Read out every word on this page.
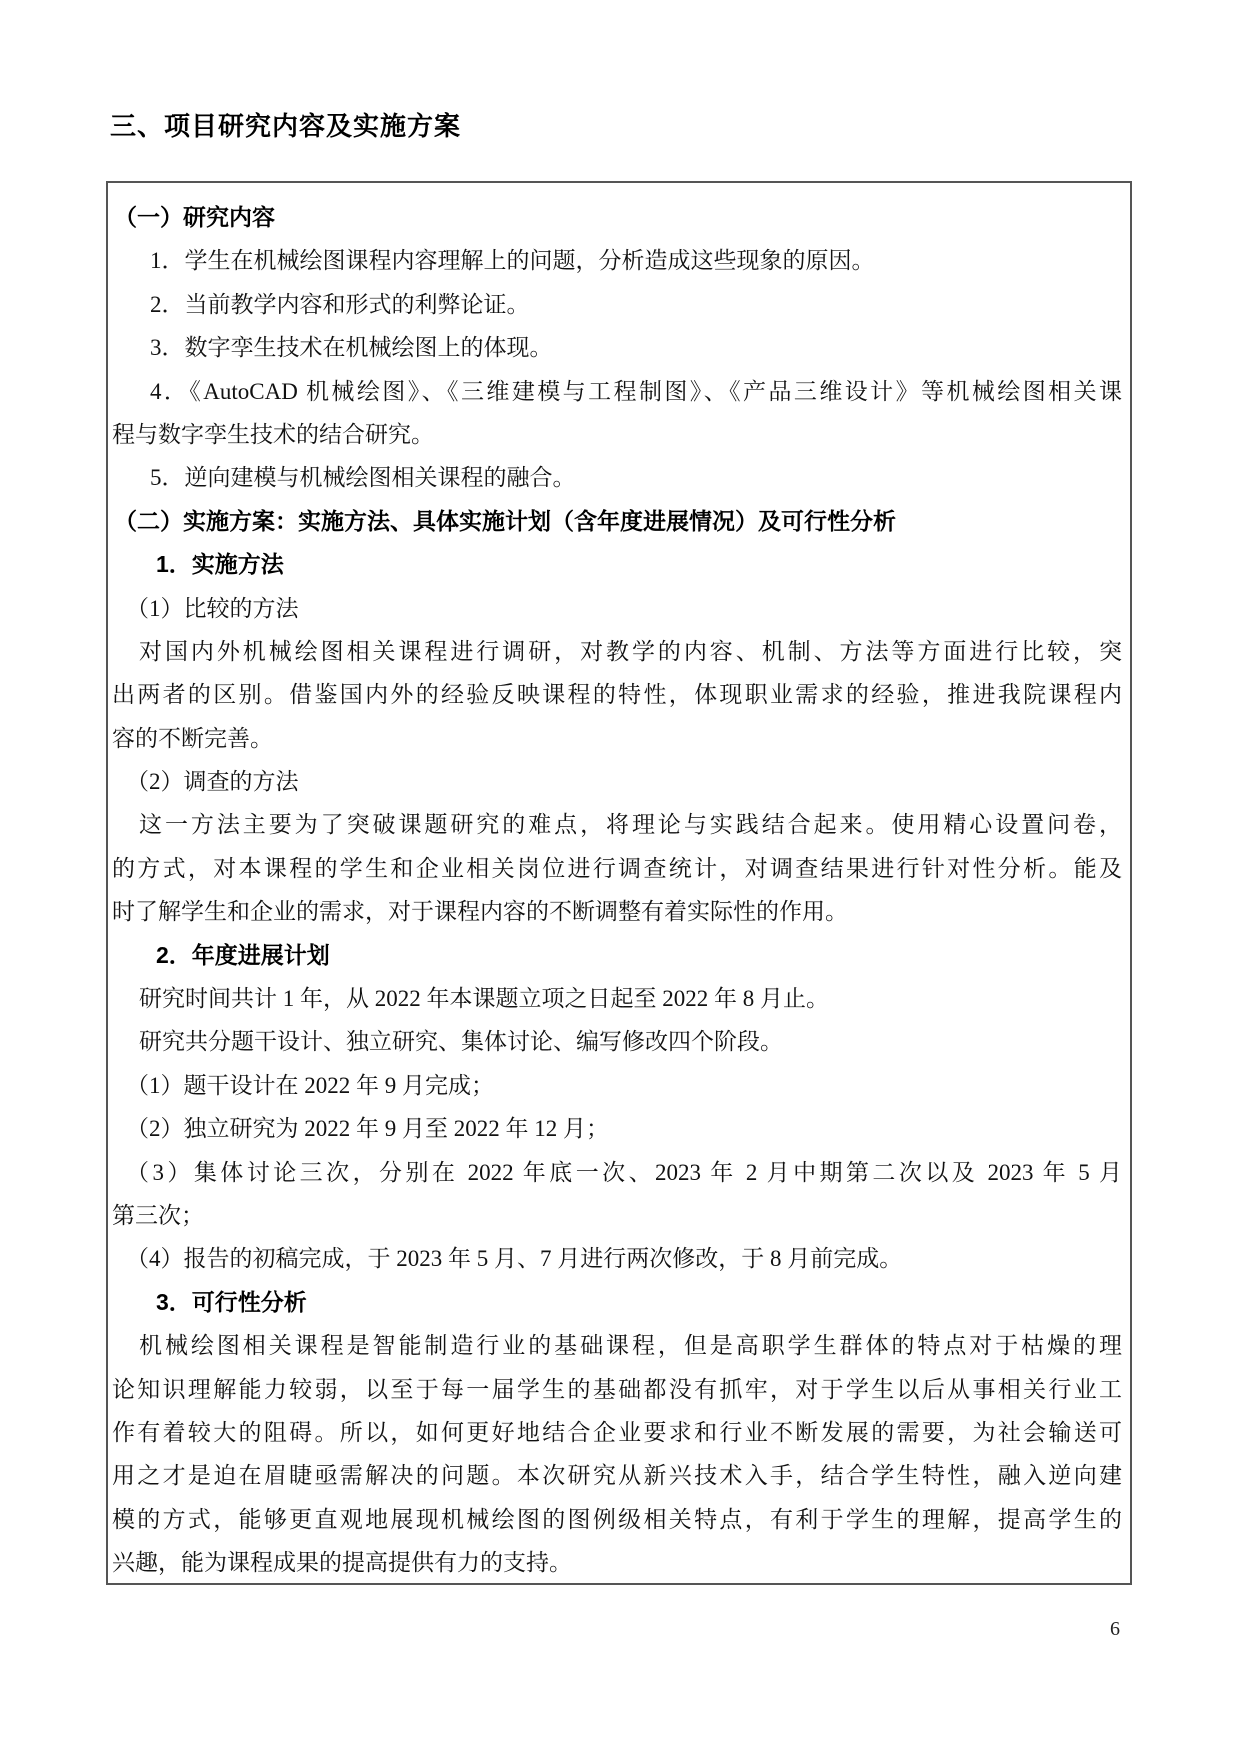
三、项目研究内容及实施方案
（一）研究内容
1．学生在机械绘图课程内容理解上的问题，分析造成这些现象的原因。
2．当前教学内容和形式的利弊论证。
3．数字孪生技术在机械绘图上的体现。
4．《AutoCAD 机械绘图》、《三维建模与工程制图》、《产品三维设计》等机械绘图相关课
程与数字孪生技术的结合研究。
5．逆向建模与机械绘图相关课程的融合。
（二）实施方案：实施方法、具体实施计划（含年度进展情况）及可行性分析
1．实施方法
（1）比较的方法
对国内外机械绘图相关课程进行调研，对教学的内容、机制、方法等方面进行比较，突
出两者的区别。借鉴国内外的经验反映课程的特性，体现职业需求的经验，推进我院课程内
容的不断完善。
（2）调查的方法
这一方法主要为了突破课题研究的难点，将理论与实践结合起来。使用精心设置问卷，
的方式，对本课程的学生和企业相关岗位进行调查统计，对调查结果进行针对性分析。能及
时了解学生和企业的需求，对于课程内容的不断调整有着实际性的作用。
2．年度进展计划
研究时间共计 1 年，从 2022 年本课题立项之日起至 2022 年 8 月止。
研究共分题干设计、独立研究、集体讨论、编写修改四个阶段。
（1）题干设计在 2022 年 9 月完成；
（2）独立研究为 2022 年 9 月至 2022 年 12 月；
（3）集体讨论三次，分别在 2022 年底一次、2023 年 2 月中期第二次以及 2023 年 5 月
第三次；
（4）报告的初稿完成，于 2023 年 5 月、7 月进行两次修改，于 8 月前完成。
3．可行性分析
机械绘图相关课程是智能制造行业的基础课程，但是高职学生群体的特点对于枯燥的理
论知识理解能力较弱，以至于每一届学生的基础都没有抓牢，对于学生以后从事相关行业工
作有着较大的阻碍。所以，如何更好地结合企业要求和行业不断发展的需要，为社会输送可
用之才是迫在眉睫亟需解决的问题。本次研究从新兴技术入手，结合学生特性，融入逆向建
模的方式，能够更直观地展现机械绘图的图例级相关特点，有利于学生的理解，提高学生的
兴趣，能为课程成果的提高提供有力的支持。
6
